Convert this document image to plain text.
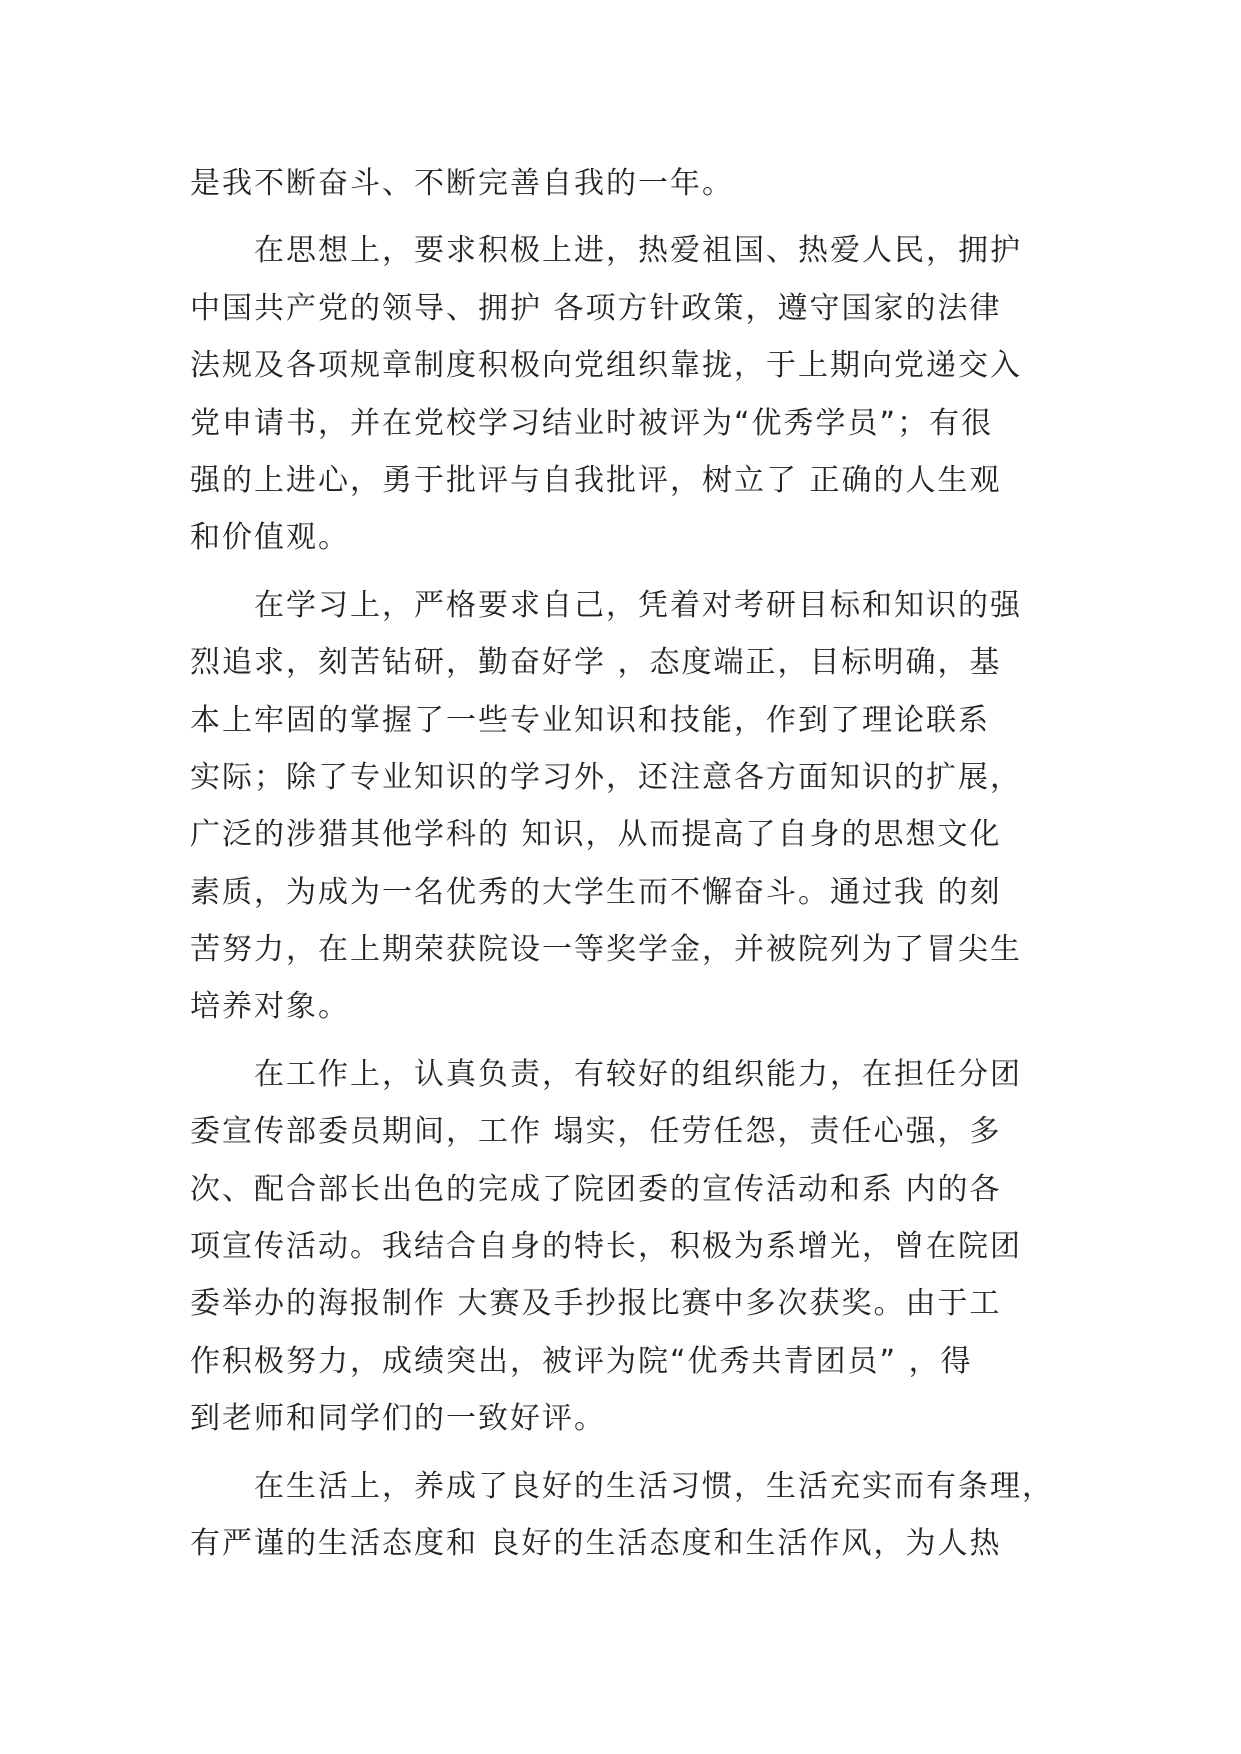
是我不断奋斗、不断完善自我的一年。
在思想上，要求积极上进，热爱祖国、热爱人民，拥护
中国共产党的领导、拥护 各项方针政策，遵守国家的法律
法规及各项规章制度积极向党组织靠拢，于上期向党递交入
党申请书，并在党校学习结业时被评为“优秀学员”；有很
强的上进心，勇于批评与自我批评，树立了 正确的人生观
和价值观。
在学习上，严格要求自己，凭着对考研目标和知识的强
烈追求，刻苦钻研，勤奋好学 ，态度端正，目标明确，基
本上牢固的掌握了一些专业知识和技能，作到了理论联系
实际；除了专业知识的学习外，还注意各方面知识的扩展，
广泛的涉猎其他学科的 知识，从而提高了自身的思想文化
素质，为成为一名优秀的大学生而不懈奋斗。通过我 的刻
苦努力，在上期荣获院设一等奖学金，并被院列为了冒尖生
培养对象。
在工作上，认真负责，有较好的组织能力，在担任分团
委宣传部委员期间，工作 塌实，任劳任怨，责任心强，多
次、配合部长出色的完成了院团委的宣传活动和系 内的各
项宣传活动。我结合自身的特长，积极为系增光，曾在院团
委举办的海报制作 大赛及手抄报比赛中多次获奖。由于工
作积极努力，成绩突出，被评为院“优秀共青团员” ，得
到老师和同学们的一致好评。
在生活上，养成了良好的生活习惯，生活充实而有条理，
有严谨的生活态度和 良好的生活态度和生活作风，为人热
